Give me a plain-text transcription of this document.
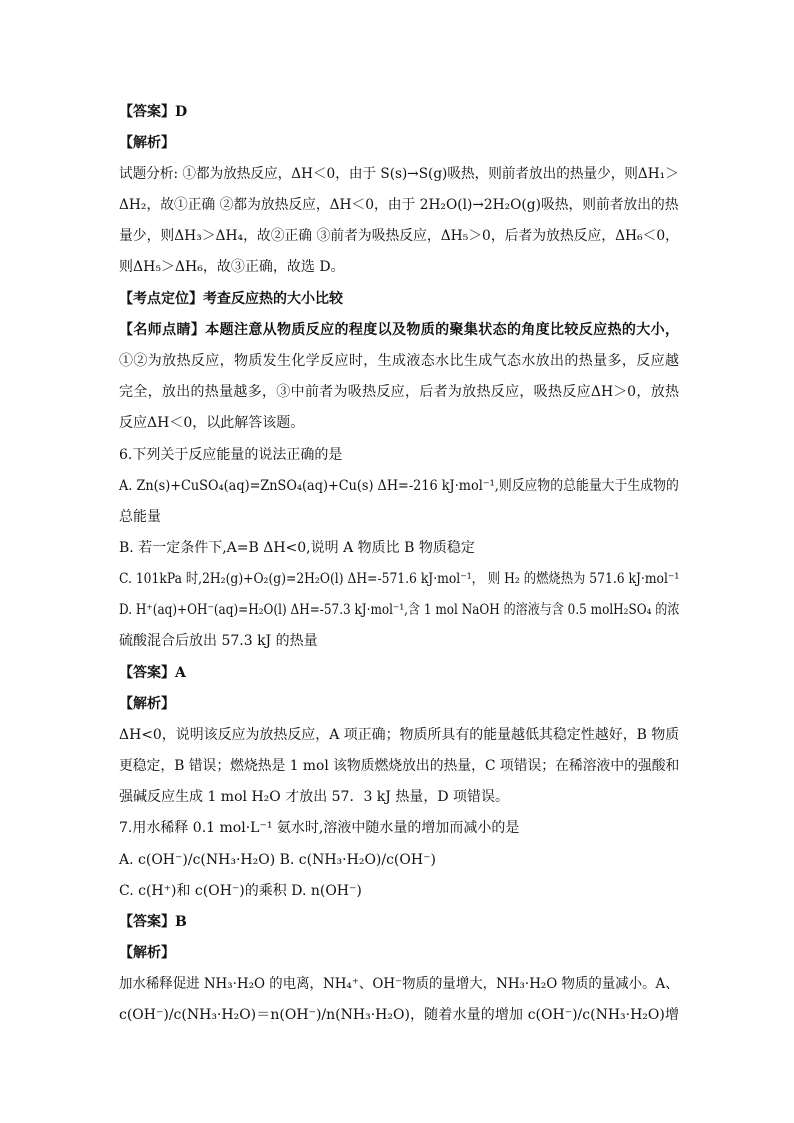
【答案】D
【解析】
试题分析: ①都为放热反应，ΔH＜0，由于 S(s)→S(g)吸热，则前者放出的热量少，则ΔH₁＞
ΔH₂，故①正确 ②都为放热反应，ΔH＜0，由于 2H₂O(l)→2H₂O(g)吸热，则前者放出的热
量少，则ΔH₃＞ΔH₄，故②正确 ③前者为吸热反应，ΔH₅＞0，后者为放热反应，ΔH₆＜0，
则ΔH₅＞ΔH₆，故③正确，故选 D。
【考点定位】考查反应热的大小比较
【名师点睛】本题注意从物质反应的程度以及物质的聚集状态的角度比较反应热的大小，
①②为放热反应，物质发生化学反应时，生成液态水比生成气态水放出的热量多，反应越
完全，放出的热量越多，③中前者为吸热反应，后者为放热反应，吸热反应ΔH＞0，放热
反应ΔH＜0，以此解答该题。
6.下列关于反应能量的说法正确的是
A. Zn(s)+CuSO₄(aq)=ZnSO₄(aq)+Cu(s) ΔH=-216 kJ·mol⁻¹,则反应物的总能量大于生成物的
总能量
B. 若一定条件下,A=B ΔH<0,说明 A 物质比 B 物质稳定
C. 101kPa 时,2H₂(g)+O₂(g)=2H₂O(l) ΔH=-571.6 kJ·mol⁻¹， 则 H₂ 的燃烧热为 571.6 kJ·mol⁻¹
D. H⁺(aq)+OH⁻(aq)=H₂O(l) ΔH=-57.3 kJ·mol⁻¹,含 1 mol NaOH 的溶液与含 0.5 molH₂SO₄ 的浓
硫酸混合后放出 57.3 kJ 的热量
【答案】A
【解析】
ΔH<0，说明该反应为放热反应，A 项正确；物质所具有的能量越低其稳定性越好，B 物质
更稳定，B 错误；燃烧热是 1 mol 该物质燃烧放出的热量，C 项错误；在稀溶液中的强酸和
强碱反应生成 1 mol H₂O 才放出 57．3 kJ 热量，D 项错误。
7.用水稀释 0.1 mol·L⁻¹ 氨水时,溶液中随水量的增加而减小的是
A. c(OH⁻)/c(NH₃·H₂O) B. c(NH₃·H₂O)/c(OH⁻)
C. c(H⁺)和 c(OH⁻)的乘积 D. n(OH⁻)
【答案】B
【解析】
加水稀释促进 NH₃·H₂O 的电离，NH₄⁺、OH⁻物质的量增大，NH₃·H₂O 物质的量减小。A、
c(OH⁻)/c(NH₃·H₂O)＝n(OH⁻)/n(NH₃·H₂O)，随着水量的增加 c(OH⁻)/c(NH₃·H₂O)增
